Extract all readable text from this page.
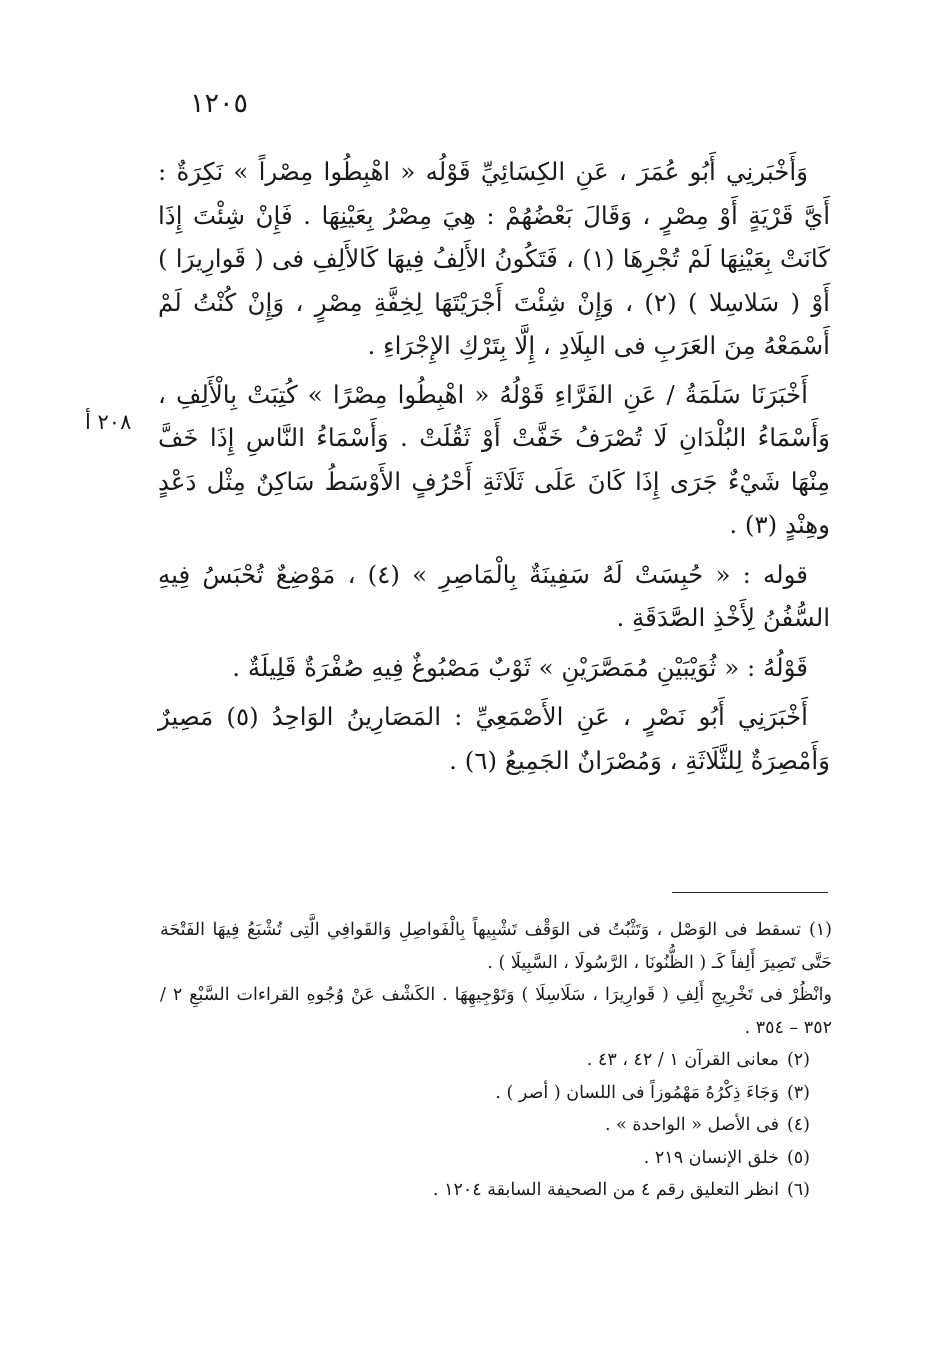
١٢٠٥
٢٠٨ أ

وَأَخْبَرنِي أَبُو عُمَرَ ، عَنِ الكِسَائِيِّ قَوْلُه « اهْبِطُوا مِصْراً » نَكِرَةٌ : أَيَّ قَرْيَةٍ أَوْ مِصْرٍ ، وَقَالَ بَعْضُهُمْ : هِيَ مِصْرُ بِعَيْنِهَا . فَإِنْ شِئْتَ إِذَا كَانَتْ بِعَيْنِهَا لَمْ تُجْرِهَا (١) ، فَتَكُونُ الأَلِفُ فِيهَا كَالأَلِفِ فى ( قَوارِيرَا ) أَوْ ( سَلاسِلا ) (٢) ، وَإِنْ شِئْتَ أَجْرَيْتَهَا لِخِفَّةِ مِصْرٍ ، وَإِنْ كُنْتُ لَمْ أَسْمَعْهُ مِنَ العَرَبِ فى البِلَادِ ، إِلَّا بِتَرْكِ الإِجْرَاءِ .

أَخْبَرَنَا سَلَمَةُ / عَنِ الفَرَّاءِ قَوْلُهُ « اهْبِطُوا مِصْرًا » كُتِبَتْ بِالْأَلِفِ ، وَأَسْمَاءُ البُلْدَانِ لَا تُصْرَفُ خَفَّتْ أَوْ ثَقُلَتْ . وَأَسْمَاءُ النَّاسِ إِذَا خَفَّ مِنْهَا شَيْءٌ جَرَى إِذَا كَانَ عَلَى ثَلَاثَةِ أَحْرُفٍ الأَوْسَطُ سَاكِنٌ مِثْل دَعْدٍ وهِنْدٍ (٣) .

قوله : « حُبِسَتْ لَهُ سَفِينَةٌ بِالْمَاصِرِ » (٤) ، مَوْضِعٌ تُحْبَسُ فِيهِ السُّفُنُ لِأَخْذِ الصَّدَقَةِ .

قَوْلُهُ : « ثُوَيْبَيْنِ مُمَصَّرَيْنِ » ثَوْبٌ مَصْبُوغٌ فِيهِ صُفْرَةٌ قَلِيلَةٌ .

أَخْبَرَنِي أَبُو نَصْرٍ ، عَنِ الأَصْمَعِيِّ : المَصَارِينُ الوَاحِدُ (٥) مَصِيرٌ وَأَمْصِرَةٌ لِلثَّلَاثَةِ ، وَمُصْرَانٌ الجَمِيعُ (٦) .

(١)تسقط فى الوَصْل ، وَتَثْبُتُ فى الوَقْف تَشْبِيهاً بِالْفَواصِلِ وَالقَوافِي الَّتِى تُشْبَعُ فِيهَا الفَتْحَة حَتَّى تَصِيرَ أَلِفاً كَـ ( الظُّنُونَا ، الرَّسُولَا ، السَّبِيلَا ) .

وانْظُرْ فى تَخْرِيجِ أَلِفِ ( قَوارِيرَا ، سَلَاسِلَا ) وَتَوْجِيهِهَا . الكَشْف عَنْ وُجُوهِ القراءات السَّبْعِ ٢ / ٣٥٢ – ٣٥٤ .

(٢)معانى القرآن ١ / ٤٢ ، ٤٣ .

(٣)وَجَاءَ ذِكْرُهُ مَهْمُوزاً فى اللسان ( أصر ) .

(٤)فى الأصل « الواحدة » .

(٥)خلق الإنسان ٢١٩ .

(٦)انظر التعليق رقم ٤ من الصحيفة السابقة ١٢٠٤ .
